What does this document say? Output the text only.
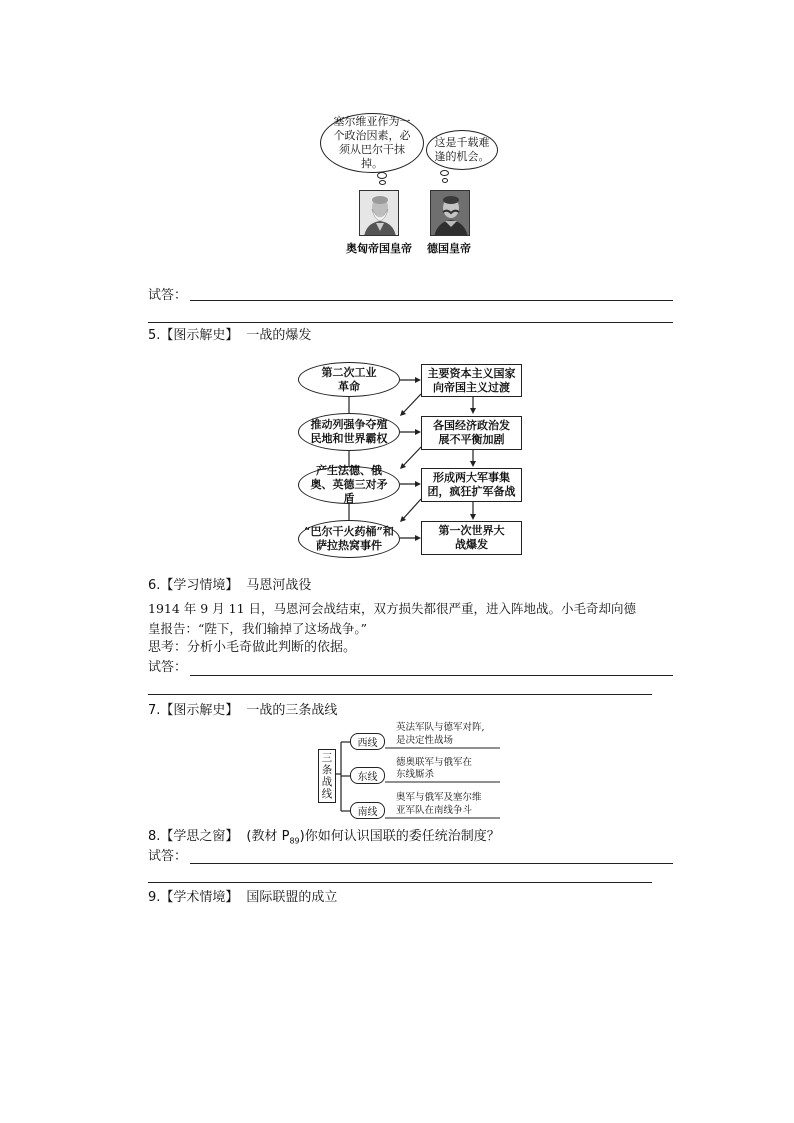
塞尔维亚作为一个政治因素，必须从巴尔干抹掉。
这是千载难逢的机会。
奥匈帝国皇帝 德国皇帝
试答：
5.【图示解史】 一战的爆发
第二次工业革命
推动列强争夺殖民地和世界霸权
产生法德、俄奥、英德三对矛盾
“巴尔干火药桶”和萨拉热窝事件
主要资本主义国家向帝国主义过渡
各国经济政治发展不平衡加剧
形成两大军事集团，疯狂扩军备战
第一次世界大战爆发
6.【学习情境】 马恩河战役
1914 年 9 月 11 日，马恩河会战结束，双方损失都很严重，进入阵地战。小毛奇却向德
皇报告：“陛下，我们输掉了这场战争。”
思考：分析小毛奇做此判断的依据。
试答：
7.【图示解史】 一战的三条战线
三条战线
西线
东线
南线
英法军队与德军对阵,
是决定性战场
德奥联军与俄军在
东线厮杀
奥军与俄军及塞尔维
亚军队在南线争斗
8.【学思之窗】 (教材 $P_{89}$)你如何认识国联的委任统治制度？
试答：
9.【学术情境】 国际联盟的成立
